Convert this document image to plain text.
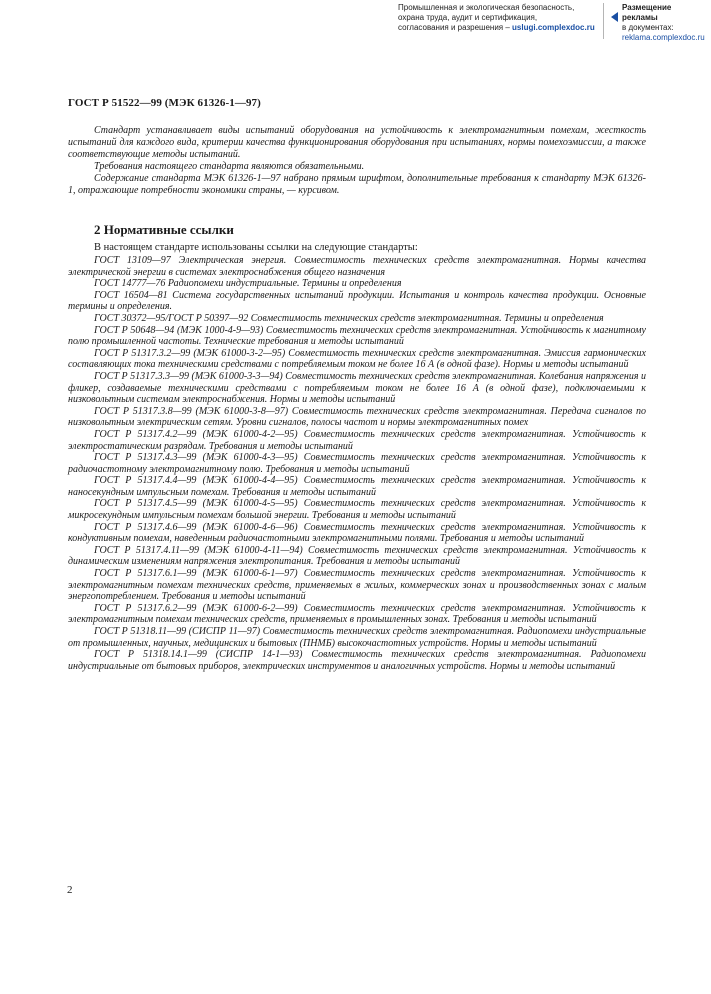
Промышленная и экологическая безопасность,
охрана труда, аудит и сертификация,
согласования и разрешения – uslugi.complexdoc.ru
Размещение рекламы
в документах:
reklama.complexdoc.ru
ГОСТ Р 51522—99 (МЭК 61326-1—97)

Стандарт устанавливает виды испытаний оборудования на устойчивость к электромагнитным помехам, жесткость испытаний для каждого вида, критерии качества функционирования оборудования при испытаниях, нормы помехоэмиссии, а также соответствующие методы испытаний.

Требования настоящего стандарта являются обязательными.

Содержание стандарта МЭК 61326-1—97 набрано прямым шрифтом, дополнительные требования к стандарту МЭК 61326-1, отражающие потребности экономики страны, — курсивом.

2 Нормативные ссылки

В настоящем стандарте использованы ссылки на следующие стандарты:

ГОСТ 13109—97 Электрическая энергия. Совместимость технических средств электромагнитная. Нормы качества электрической энергии в системах электроснабжения общего назначения

ГОСТ 14777—76 Радиопомехи индустриальные. Термины и определения

ГОСТ 16504—81 Система государственных испытаний продукции. Испытания и контроль качества продукции. Основные термины и определения.

ГОСТ 30372—95/ГОСТ Р 50397—92 Совместимость технических средств электромагнитная. Термины и определения

ГОСТ Р 50648—94 (МЭК 1000-4-9—93) Совместимость технических средств электромагнитная. Устойчивость к магнитному полю промышленной частоты. Технические требования и методы испытаний

ГОСТ Р 51317.3.2—99 (МЭК 61000-3-2—95) Совместимость технических средств электромагнитная. Эмиссия гармонических составляющих тока техническими средствами с потребляемым током не более 16 А (в одной фазе). Нормы и методы испытаний

ГОСТ Р 51317.3.3—99 (МЭК 61000-3-3—94) Совместимость технических средств электромагнитная. Колебания напряжения и фликер, создаваемые техническими средствами с потребляемым током не более 16 А (в одной фазе), подключаемыми к низковольтным системам электроснабжения. Нормы и методы испытаний

ГОСТ Р 51317.3.8—99 (МЭК 61000-3-8—97) Совместимость технических средств электромагнитная. Передача сигналов по низковольтным электрическим сетям. Уровни сигналов, полосы частот и нормы электромагнитных помех

ГОСТ Р 51317.4.2—99 (МЭК 61000-4-2—95) Совместимость технических средств электромагнитная. Устойчивость к электростатическим разрядам. Требования и методы испытаний

ГОСТ Р 51317.4.3—99 (МЭК 61000-4-3—95) Совместимость технических средств электромагнитная. Устойчивость к радиочастотному электромагнитному полю. Требования и методы испытаний

ГОСТ Р 51317.4.4—99 (МЭК 61000-4-4—95) Совместимость технических средств электромагнитная. Устойчивость к наносекундным импульсным помехам. Требования и методы испытаний

ГОСТ Р 51317.4.5—99 (МЭК 61000-4-5—95) Совместимость технических средств электромагнитная. Устойчивость к микросекундным импульсным помехам большой энергии. Требования и методы испытаний

ГОСТ Р 51317.4.6—99 (МЭК 61000-4-6—96) Совместимость технических средств электромагнитная. Устойчивость к кондуктивным помехам, наведенным радиочастотными электромагнитными полями. Требования и методы испытаний

ГОСТ Р 51317.4.11—99 (МЭК 61000-4-11—94) Совместимость технических средств электромагнитная. Устойчивость к динамическим изменениям напряжения электропитания. Требования и методы испытаний

ГОСТ Р 51317.6.1—99 (МЭК 61000-6-1—97) Совместимость технических средств электромагнитная. Устойчивость к электромагнитным помехам технических средств, применяемых в жилых, коммерческих зонах и производственных зонах с малым энергопотреблением. Требования и методы испытаний

ГОСТ Р 51317.6.2—99 (МЭК 61000-6-2—99) Совместимость технических средств электромагнитная. Устойчивость к электромагнитным помехам технических средств, применяемых в промышленных зонах. Требования и методы испытаний

ГОСТ Р 51318.11—99 (СИСПР 11—97) Совместимость технических средств электромагнитная. Радиопомехи индустриальные от промышленных, научных, медицинских и бытовых (ПНМБ) высокочастотных устройств. Нормы и методы испытаний

ГОСТ Р 51318.14.1—99 (СИСПР 14-1—93) Совместимость технических средств электромагнитная. Радиопомехи индустриальные от бытовых приборов, электрических инструментов и аналогичных устройств. Нормы и методы испытаний

2
